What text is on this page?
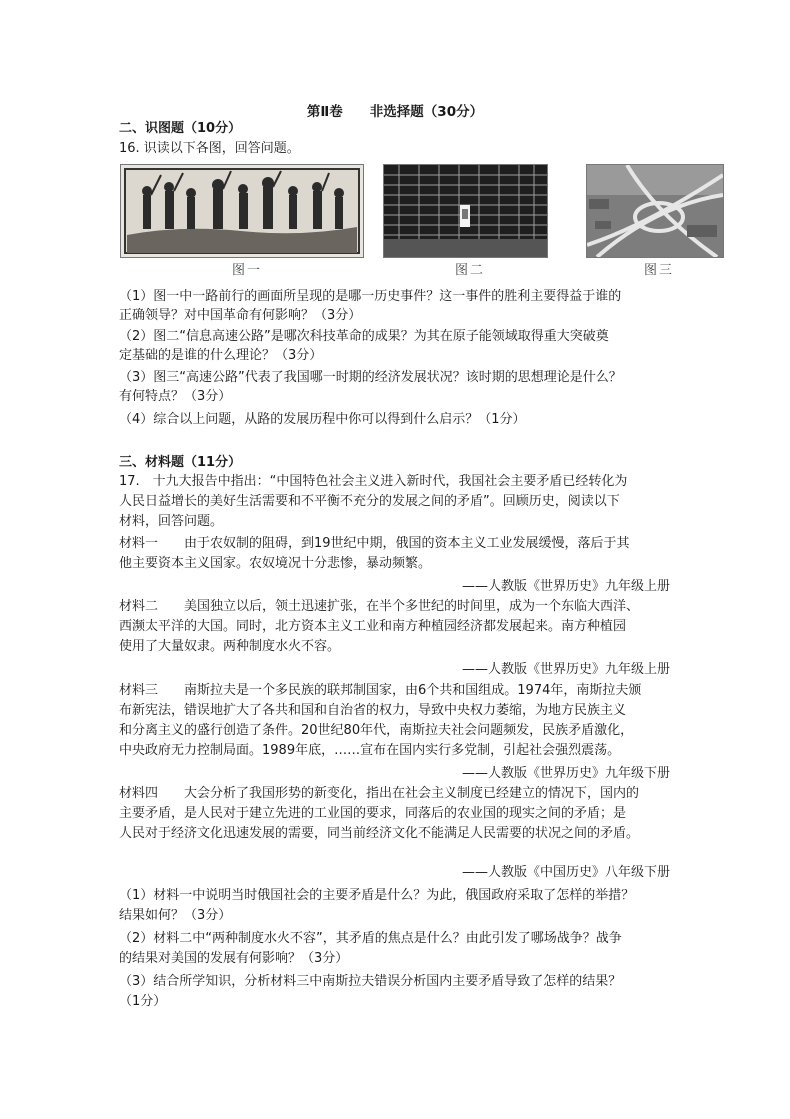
第Ⅱ卷　　非选择题（30分）
二、识图题（10分）
16. 识读以下各图，回答问题。
图一	图二	图三
（1）图一中一路前行的画面所呈现的是哪一历史事件？这一事件的胜利主要得益于谁的
正确领导？对中国革命有何影响？（3分）
（2）图二“信息高速公路”是哪次科技革命的成果？为其在原子能领域取得重大突破奠
定基础的是谁的什么理论？（3分）
（3）图三“高速公路”代表了我国哪一时期的经济发展状况？该时期的思想理论是什么？
有何特点？（3分）
（4）综合以上问题，从路的发展历程中你可以得到什么启示？（1分）
三、材料题（11分）
17.　十九大报告中指出：“中国特色社会主义进入新时代，我国社会主要矛盾已经转化为
人民日益增长的美好生活需要和不平衡不充分的发展之间的矛盾”。回顾历史，阅读以下
材料，回答问题。
材料一　　由于农奴制的阻碍，到19世纪中期，俄国的资本主义工业发展缓慢，落后于其
他主要资本主义国家。农奴境况十分悲惨，暴动频繁。
——人教版《世界历史》九年级上册
材料二　　美国独立以后，领土迅速扩张，在半个多世纪的时间里，成为一个东临大西洋、
西濒太平洋的大国。同时，北方资本主义工业和南方种植园经济都发展起来。南方种植园
使用了大量奴隶。两种制度水火不容。
——人教版《世界历史》九年级上册
材料三　　南斯拉夫是一个多民族的联邦制国家，由6个共和国组成。1974年，南斯拉夫颁
布新宪法，错误地扩大了各共和国和自治省的权力，导致中央权力萎缩，为地方民族主义
和分离主义的盛行创造了条件。20世纪80年代，南斯拉夫社会问题频发，民族矛盾激化，
中央政府无力控制局面。1989年底，……宣布在国内实行多党制，引起社会强烈震荡。
——人教版《世界历史》九年级下册
材料四　　大会分析了我国形势的新变化，指出在社会主义制度已经建立的情况下，国内的
主要矛盾，是人民对于建立先进的工业国的要求，同落后的农业国的现实之间的矛盾；是
人民对于经济文化迅速发展的需要，同当前经济文化不能满足人民需要的状况之间的矛盾。
——人教版《中国历史》八年级下册
（1）材料一中说明当时俄国社会的主要矛盾是什么？为此，俄国政府采取了怎样的举措？
结果如何？（3分）
（2）材料二中“两种制度水火不容”，其矛盾的焦点是什么？由此引发了哪场战争？战争
的结果对美国的发展有何影响？（3分）
（3）结合所学知识，分析材料三中南斯拉夫错误分析国内主要矛盾导致了怎样的结果？
（1分）
